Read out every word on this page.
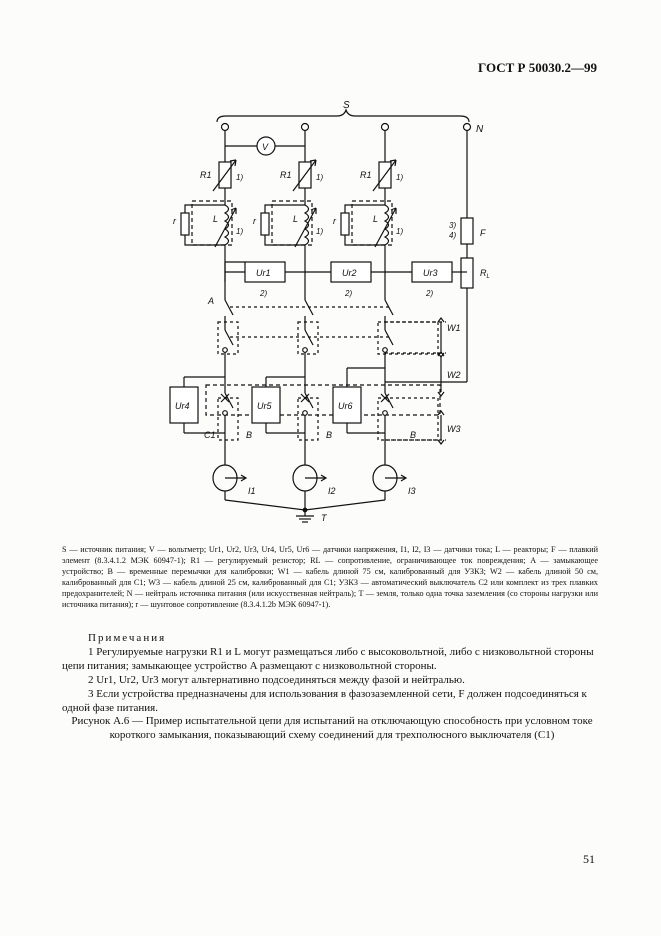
ГОСТ Р 50030.2—99
S
N
V
R1	R1	R1
1)	1)	1)
r	r	r
L	L	L
1)	1)	1)	F
3)
4)
$R_L$
Ur1	Ur2	Ur3
2)	2)	2)
A
W1
W2
Ur4	Ur5	Ur6
C1	B	B	B
W3
I1	I2	I3
T
S — источник питания; V — вольтметр; Ur1, Ur2, Ur3, Ur4, Ur5, Ur6 — датчики напряжения, I1, I2, I3 — датчики тока; L — реакторы; F — плавкий элемент (8.3.4.1.2 МЭК 60947-1); R1 — регулируемый резистор; RL — сопротивление, ограничивающее ток повреждения; A — замыкающее устройство; B — временные перемычки для калибровки; W1 — кабель длиной 75 см, калиброванный для УЗКЗ; W2 — кабель длиной 50 см, калиброванный для C1; W3 — кабель длиной 25 см, калиброванный для C1; УЗКЗ — автоматический выключатель C2 или комплект из трех плавких предохранителей; N — нейтраль источника питания (или искусственная нейтраль); T — земля, только одна точка заземления (со стороны нагрузки или источника питания); r — шунтовое сопротивление (8.3.4.1.2b МЭК 60947-1).
Примечания
1 Регулируемые нагрузки R1 и L могут размещаться либо с высоковольтной, либо с низковольтной стороны цепи питания; замыкающее устройство A размещают с низковольтной стороны.
2 Ur1, Ur2, Ur3 могут альтернативно подсоединяться между фазой и нейтралью.
3 Если устройства предназначены для использования в фазозаземленной сети, F должен подсоединяться к одной фазе питания.
Рисунок А.6 — Пример испытательной цепи для испытаний на отключающую способность при условном токе короткого замыкания, показывающий схему соединений для трехполюсного выключателя (C1)
51
